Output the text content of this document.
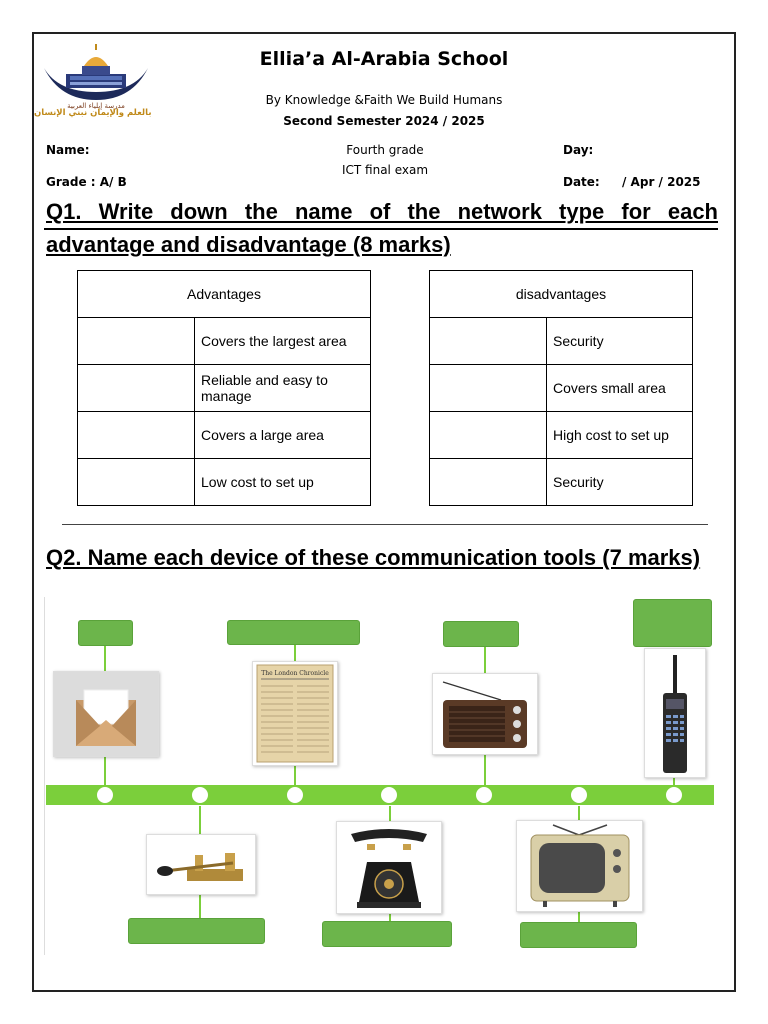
مدرسة إيلياء العربية
بالعلم والإيمان نبني الإنسان
Ellia’a Al-Arabia School
By Knowledge &Faith We Build Humans
Second Semester 2024 / 2025
Name:
Grade : A/ B
Fourth grade
ICT final exam
Day:
Date: / Apr / 2025
Q1. Write down the name of the network type for each
advantage and disadvantage (8 marks)
Advantages	
	Covers the largest area
	Reliable and easy to manage
	Covers a large area
	Low cost to set up
disadvantages	
	Security
	Covers small area
	High cost to set up
	Security
Q2. Name each device of these communication tools (7 marks)
The London Chronicle
